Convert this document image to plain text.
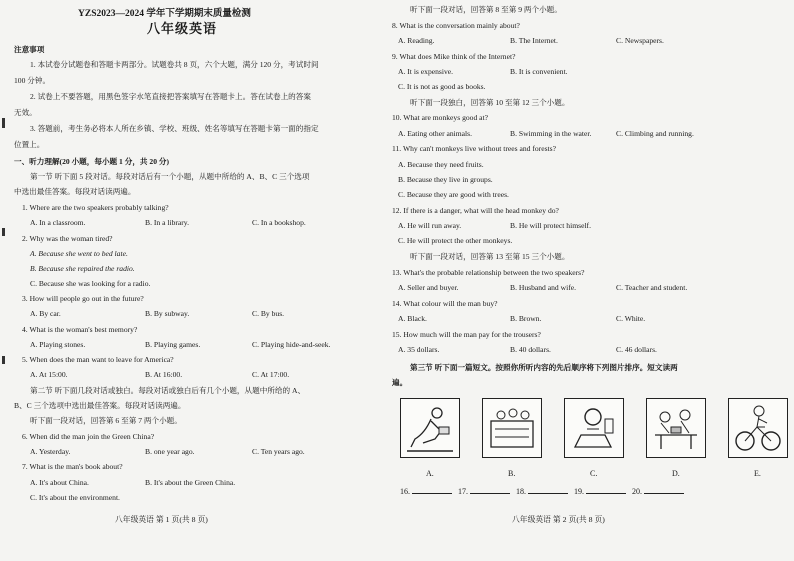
YZS2023—2024 学年下学期期末质量检测
八年级英语
注意事项
1. 本试卷分试题卷和答题卡两部分。试题卷共 8 页，六个大题，满分 120 分，考试时间
100 分钟。
2. 试卷上不要答题，用黑色签字水笔直接把答案填写在答题卡上。答在试卷上的答案
无效。
3. 答题前，考生务必将本人所在乡镇、学校、班级、姓名等填写在答题卡第一面的指定
位置上。
一、听力理解(20 小题，每小题 1 分，共 20 分)
第一节 听下面 5 段对话。每段对话后有一个小题，从题中所给的 A、B、C 三个选项
中选出最佳答案。每段对话读两遍。
1. Where are the two speakers probably talking?
A. In a classroom.	B. In a library.	C. In a bookshop.
2. Why was the woman tired?
A. Because she went to bed late.
B. Because she repaired the radio.
C. Because she was looking for a radio.
3. How will people go out in the future?
A. By car.	B. By subway.	C. By bus.
4. What is the woman's best memory?
A. Playing stones.	B. Playing games.	C. Playing hide-and-seek.
5. When does the man want to leave for America?
A. At 15:00.	B. At 16:00.	C. At 17:00.
第二节 听下面几段对话或独白。每段对话或独白后有几个小题，从题中所给的 A、
B、C 三个选项中选出最佳答案。每段对话读两遍。
听下面一段对话，回答第 6 至第 7 两个小题。
6. When did the man join the Green China?
A. Yesterday.	B. one year ago.	C. Ten years ago.
7. What is the man's book about?
A. It's about China.	B. It's about the Green China.
C. It's about the environment.
八年级英语 第 1 页(共 8 页)
听下面一段对话，回答第 8 至第 9 两个小题。
8. What is the conversation mainly about?
A. Reading.	B. The Internet.	C. Newspapers.
9. What does Mike think of the Internet?
A. It is expensive.	B. It is convenient.
C. It is not as good as books.
听下面一段独白，回答第 10 至第 12 三个小题。
10. What are monkeys good at?
A. Eating other animals.	B. Swimming in the water.	C. Climbing and running.
11. Why can't monkeys live without trees and forests?
A. Because they need fruits.
B. Because they live in groups.
C. Because they are good with trees.
12. If there is a danger, what will the head monkey do?
A. He will run away.	B. He will protect himself.
C. He will protect the other monkeys.
听下面一段对话，回答第 13 至第 15 三个小题。
13. What's the probable relationship between the two speakers?
A. Seller and buyer.	B. Husband and wife.	C. Teacher and student.
14. What colour will the man buy?
A. Black.	B. Brown.	C. White.
15. How much will the man pay for the trousers?
A. 35 dollars.	B. 40 dollars.	C. 46 dollars.
第三节 听下面一篇短文。按照你所听内容的先后顺序将下列图片排序。短文读两
遍。
A.	B.	C.	D.	E.
16.	17.	18.	19.	20.
八年级英语 第 2 页(共 8 页)
